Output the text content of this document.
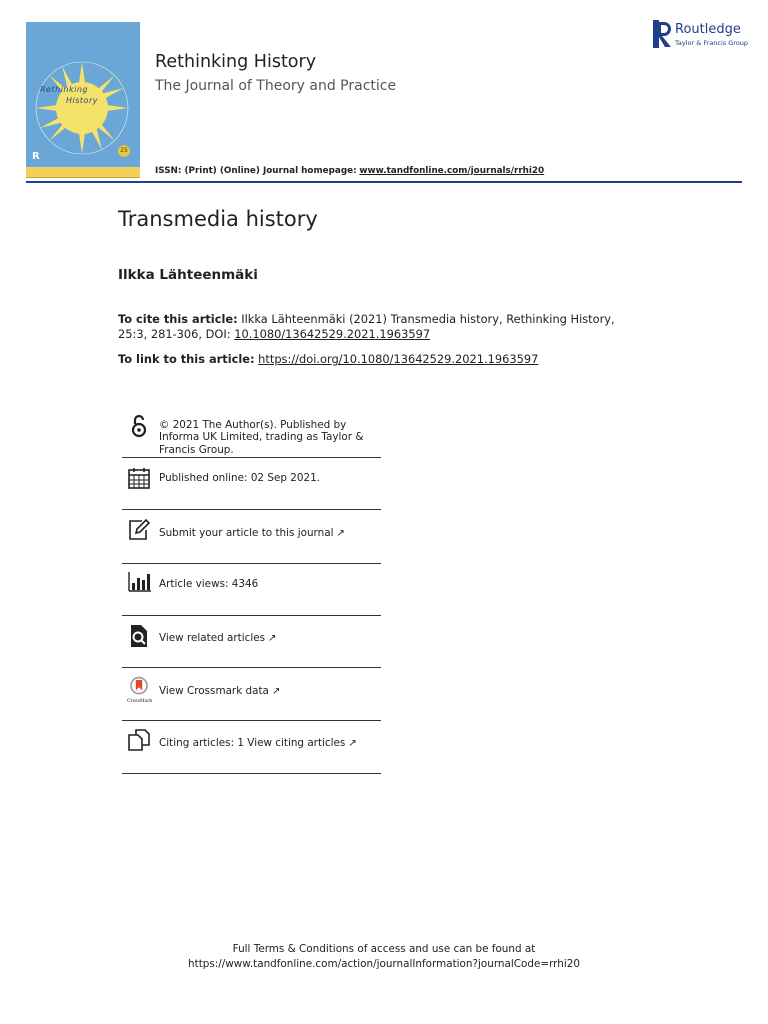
Rethinking
History
R
25
Rethinking History
The Journal of Theory and Practice
ISSN: (Print) (Online) Journal homepage: www.tandfonline.com/journals/rrhi20
Routledge
Taylor & Francis Group
Transmedia history
Ilkka Lähteenmäki
To cite this article: Ilkka Lähteenmäki (2021) Transmedia history, Rethinking History, 25:3, 281-306, DOI: 10.1080/13642529.2021.1963597
To link to this article: https://doi.org/10.1080/13642529.2021.1963597
© 2021 The Author(s). Published by Informa UK Limited, trading as Taylor & Francis Group.
Published online: 02 Sep 2021.
Submit your article to this journal ↗
Article views: 4346
View related articles ↗
CrossMark
View Crossmark data ↗
Citing articles: 1 View citing articles ↗
Full Terms & Conditions of access and use can be found at
https://www.tandfonline.com/action/journalInformation?journalCode=rrhi20
